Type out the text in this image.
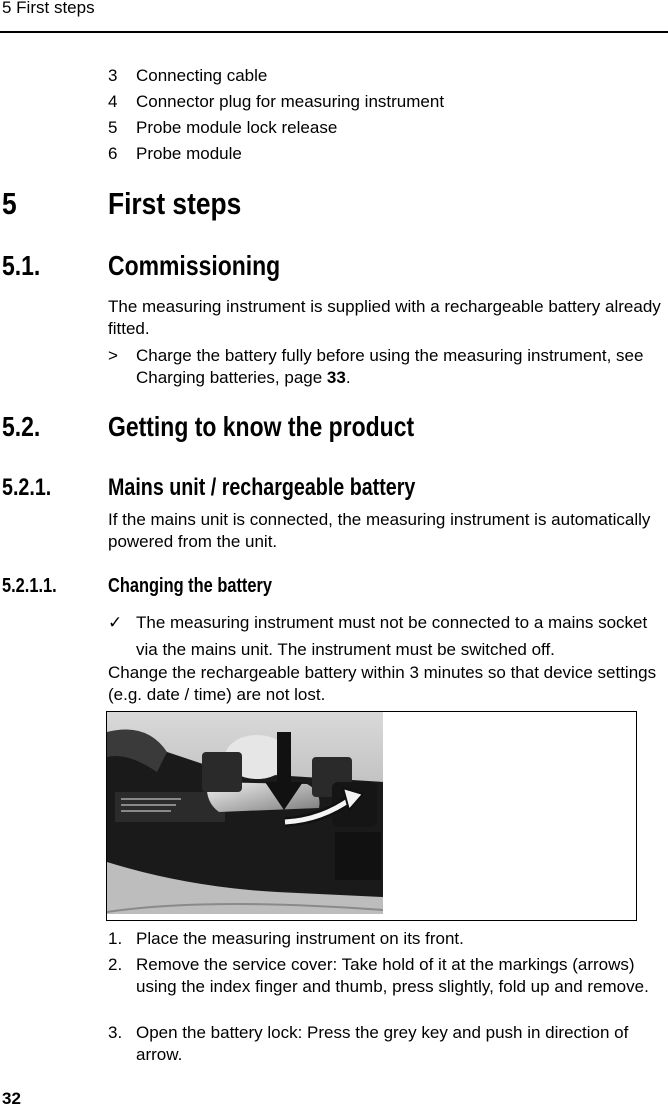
5 First steps
3 Connecting cable
4 Connector plug for measuring instrument
5 Probe module lock release
6 Probe module
5	First steps
5.1. Commissioning
The measuring instrument is supplied with a rechargeable battery already fitted.
> Charge the battery fully before using the measuring instrument, see Charging batteries, page 33.
5.2. Getting to know the product
5.2.1. Mains unit / rechargeable battery
If the mains unit is connected, the measuring instrument is automatically powered from the unit.
5.2.1.1.	Changing the battery
✓ The measuring instrument must not be connected to a mains socket via the mains unit. The instrument must be switched off.
Change the rechargeable battery within 3 minutes so that device settings (e.g. date / time) are not lost.
1. Place the measuring instrument on its front.
2. Remove the service cover: Take hold of it at the markings (arrows) using the index finger and thumb, press slightly, fold up and remove.
3. Open the battery lock: Press the grey key and push in direction of arrow.
32
